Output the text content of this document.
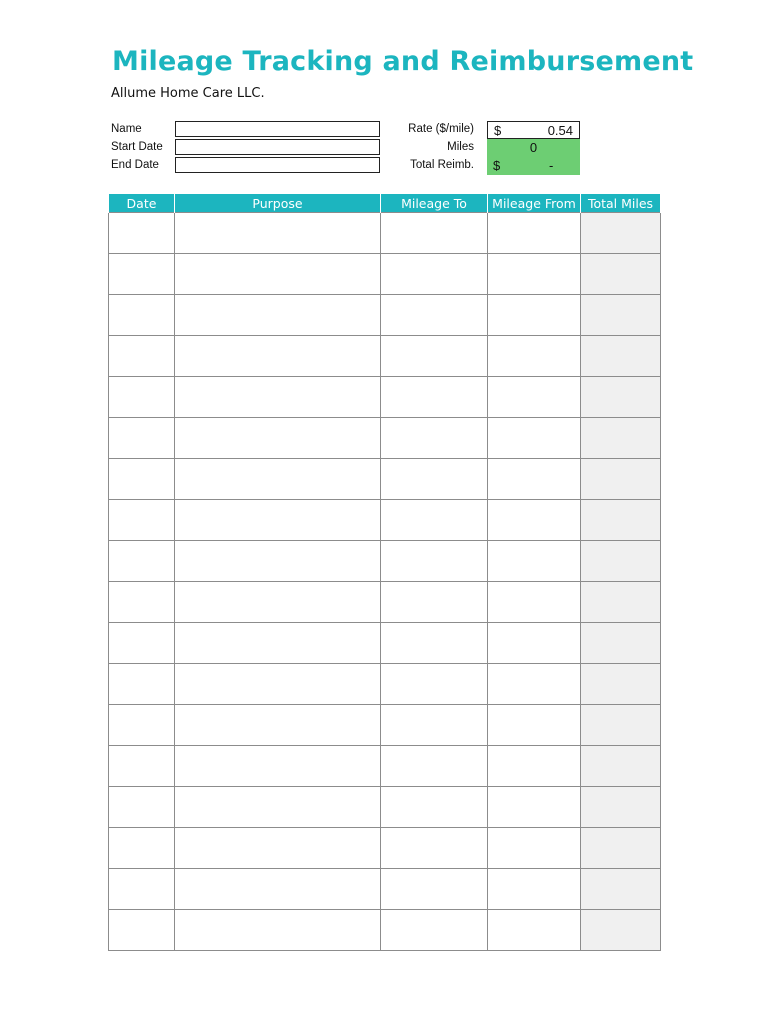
Mileage Tracking and Reimbursement
Allume Home Care LLC.
Name
Start Date
End Date
Rate ($/mile) $	0.54
Miles	0
Total Reimb. $	-
Date	Purpose	Mileage To	Mileage From	Total Miles
